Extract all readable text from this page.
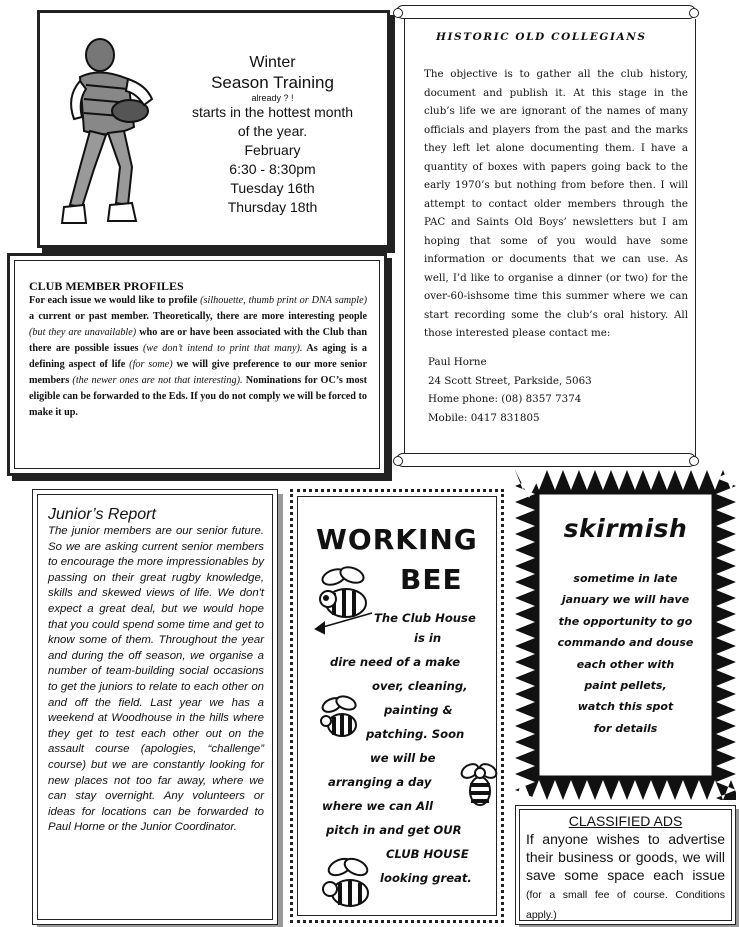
Winter
Season Training
already ? !
starts in the hottest month
of the year.
February
6:30 - 8:30pm
Tuesday 16th
Thursday 18th
HISTORIC OLD COLLEGIANS
The objective is to gather all the club history, document and publish it. At this stage in the club’s life we are ignorant of the names of many officials and players from the past and the marks they left let alone documenting them. I have a quantity of boxes with papers going back to the early 1970’s but nothing from before then. I will attempt to contact older members through the PAC and Saints Old Boys’ newsletters but I am hoping that some of you would have some information or documents that we can use. As well, I’d like to organise a dinner (or two) for the over-60-ishsome time this summer where we can start recording some the club’s oral history. All those interested please contact me:
Paul Horne
24 Scott Street, Parkside, 5063
Home phone: (08) 8357 7374
Mobile: 0417 831805
CLUB MEMBER PROFILES
For each issue we would like to profile (silhouette, thumb print or DNA sample) a current or past member. Theoretically, there are more interesting people (but they are unavailable) who are or have been associated with the Club than there are possible issues (we don’t intend to print that many). As aging is a defining aspect of life (for some) we will give preference to our more senior members (the newer ones are not that interesting). Nominations for OC’s most eligible can be forwarded to the Eds. If you do not comply we will be forced to make it up.
Junior’s Report
The junior members are our senior future. So we are asking current senior members to encourage the more impressionables by passing on their great rugby knowledge, skills and skewed views of life. We don't expect a great deal, but we would hope that you could spend some time and get to know some of them. Throughout the year and during the off season, we organise a number of team-building social occasions to get the juniors to relate to each other on and off the field. Last year we has a weekend at Woodhouse in the hills where they get to test each other out on the assault course (apologies, “challenge” course) but we are constantly looking for new places not too far away, where we can stay overnight. Any volunteers or ideas for locations can be forwarded to Paul Horne or the Junior Coordinator.
WORKING
BEE
The Club House
is in
dire need of a make
over, cleaning,
painting &
patching. Soon
we will be
arranging a day
where we can All
pitch in and get OUR
CLUB HOUSE
looking great.
skirmish
sometime in late
january we will have
the opportunity to go
commando and douse
each other with
paint pellets,
watch this spot
for details
CLASSIFIED ADS
If anyone wishes to advertise their business or goods, we will save some space each issue (for a small fee of course. Conditions apply.)
